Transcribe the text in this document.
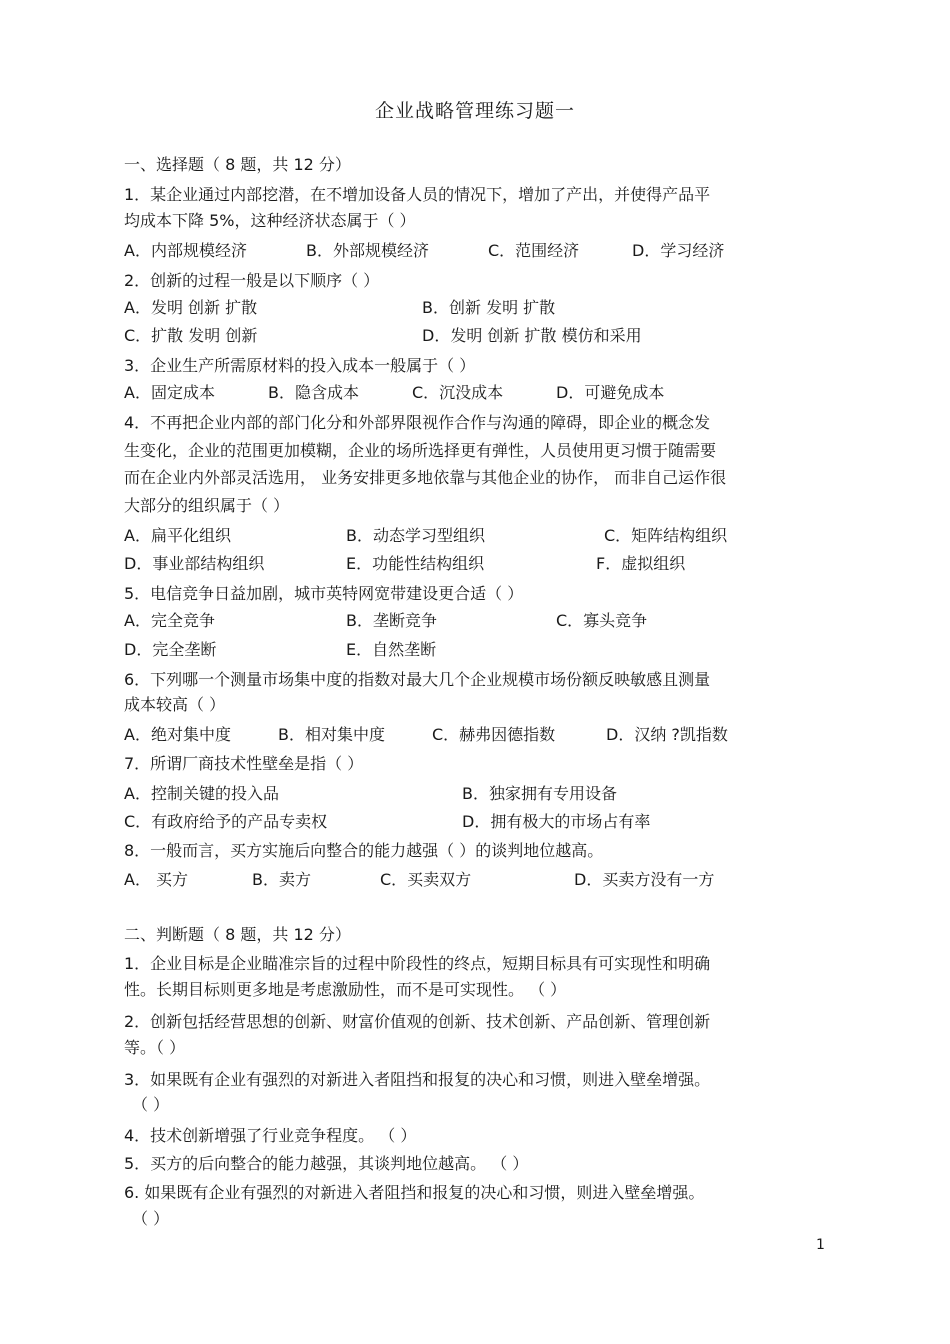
企业战略管理练习题一
一、选择题（ 8 题，共 12 分）
1．某企业通过内部挖潜，在不增加设备人员的情况下，增加了产出，并使得产品平
均成本下降 5%，这种经济状态属于（ ）
A．内部规模经济	B．外部规模经济	C．范围经济	D．学习经济
2．创新的过程一般是以下顺序（ ）
A．发明 创新 扩散	B．创新 发明 扩散
C．扩散 发明 创新	D．发明 创新 扩散 模仿和采用
3．企业生产所需原材料的投入成本一般属于（ ）
A．固定成本	B．隐含成本	C．沉没成本	D．可避免成本
4．不再把企业内部的部门化分和外部界限视作合作与沟通的障碍，即企业的概念发
生变化，企业的范围更加模糊，企业的场所选择更有弹性，人员使用更习惯于随需要
而在企业内外部灵活选用， 业务安排更多地依靠与其他企业的协作， 而非自己运作很
大部分的组织属于（ ）
A．扁平化组织	B．动态学习型组织	C．矩阵结构组织
D．事业部结构组织	E．功能性结构组织	F．虚拟组织
5．电信竞争日益加剧，城市英特网宽带建设更合适（ ）
A．完全竞争	B．垄断竞争	C．寡头竞争
D．完全垄断	E．自然垄断
6．下列哪一个测量市场集中度的指数对最大几个企业规模市场份额反映敏感且测量
成本较高（ ）
A．绝对集中度	B．相对集中度	C．赫弗因德指数	D．汉纳 ?凯指数
7．所谓厂商技术性壁垒是指（ ）
A．控制关键的投入品	B．独家拥有专用设备
C．有政府给予的产品专卖权	D．拥有极大的市场占有率
8．一般而言，买方实施后向整合的能力越强（ ）的谈判地位越高。
A． 买方	B．卖方	C．买卖双方	D．买卖方没有一方
二、判断题（ 8 题，共 12 分）
1．企业目标是企业瞄准宗旨的过程中阶段性的终点，短期目标具有可实现性和明确
性。长期目标则更多地是考虑激励性，而不是可实现性。 （ ）
2．创新包括经营思想的创新、财富价值观的创新、技术创新、产品创新、管理创新
等。（ ）
3．如果既有企业有强烈的对新进入者阻挡和报复的决心和习惯，则进入壁垒增强。
（ ）
4．技术创新增强了行业竞争程度。 （ ）
5．买方的后向整合的能力越强，其谈判地位越高。 （ ）
6. 如果既有企业有强烈的对新进入者阻挡和报复的决心和习惯，则进入壁垒增强。
（ ）
1
